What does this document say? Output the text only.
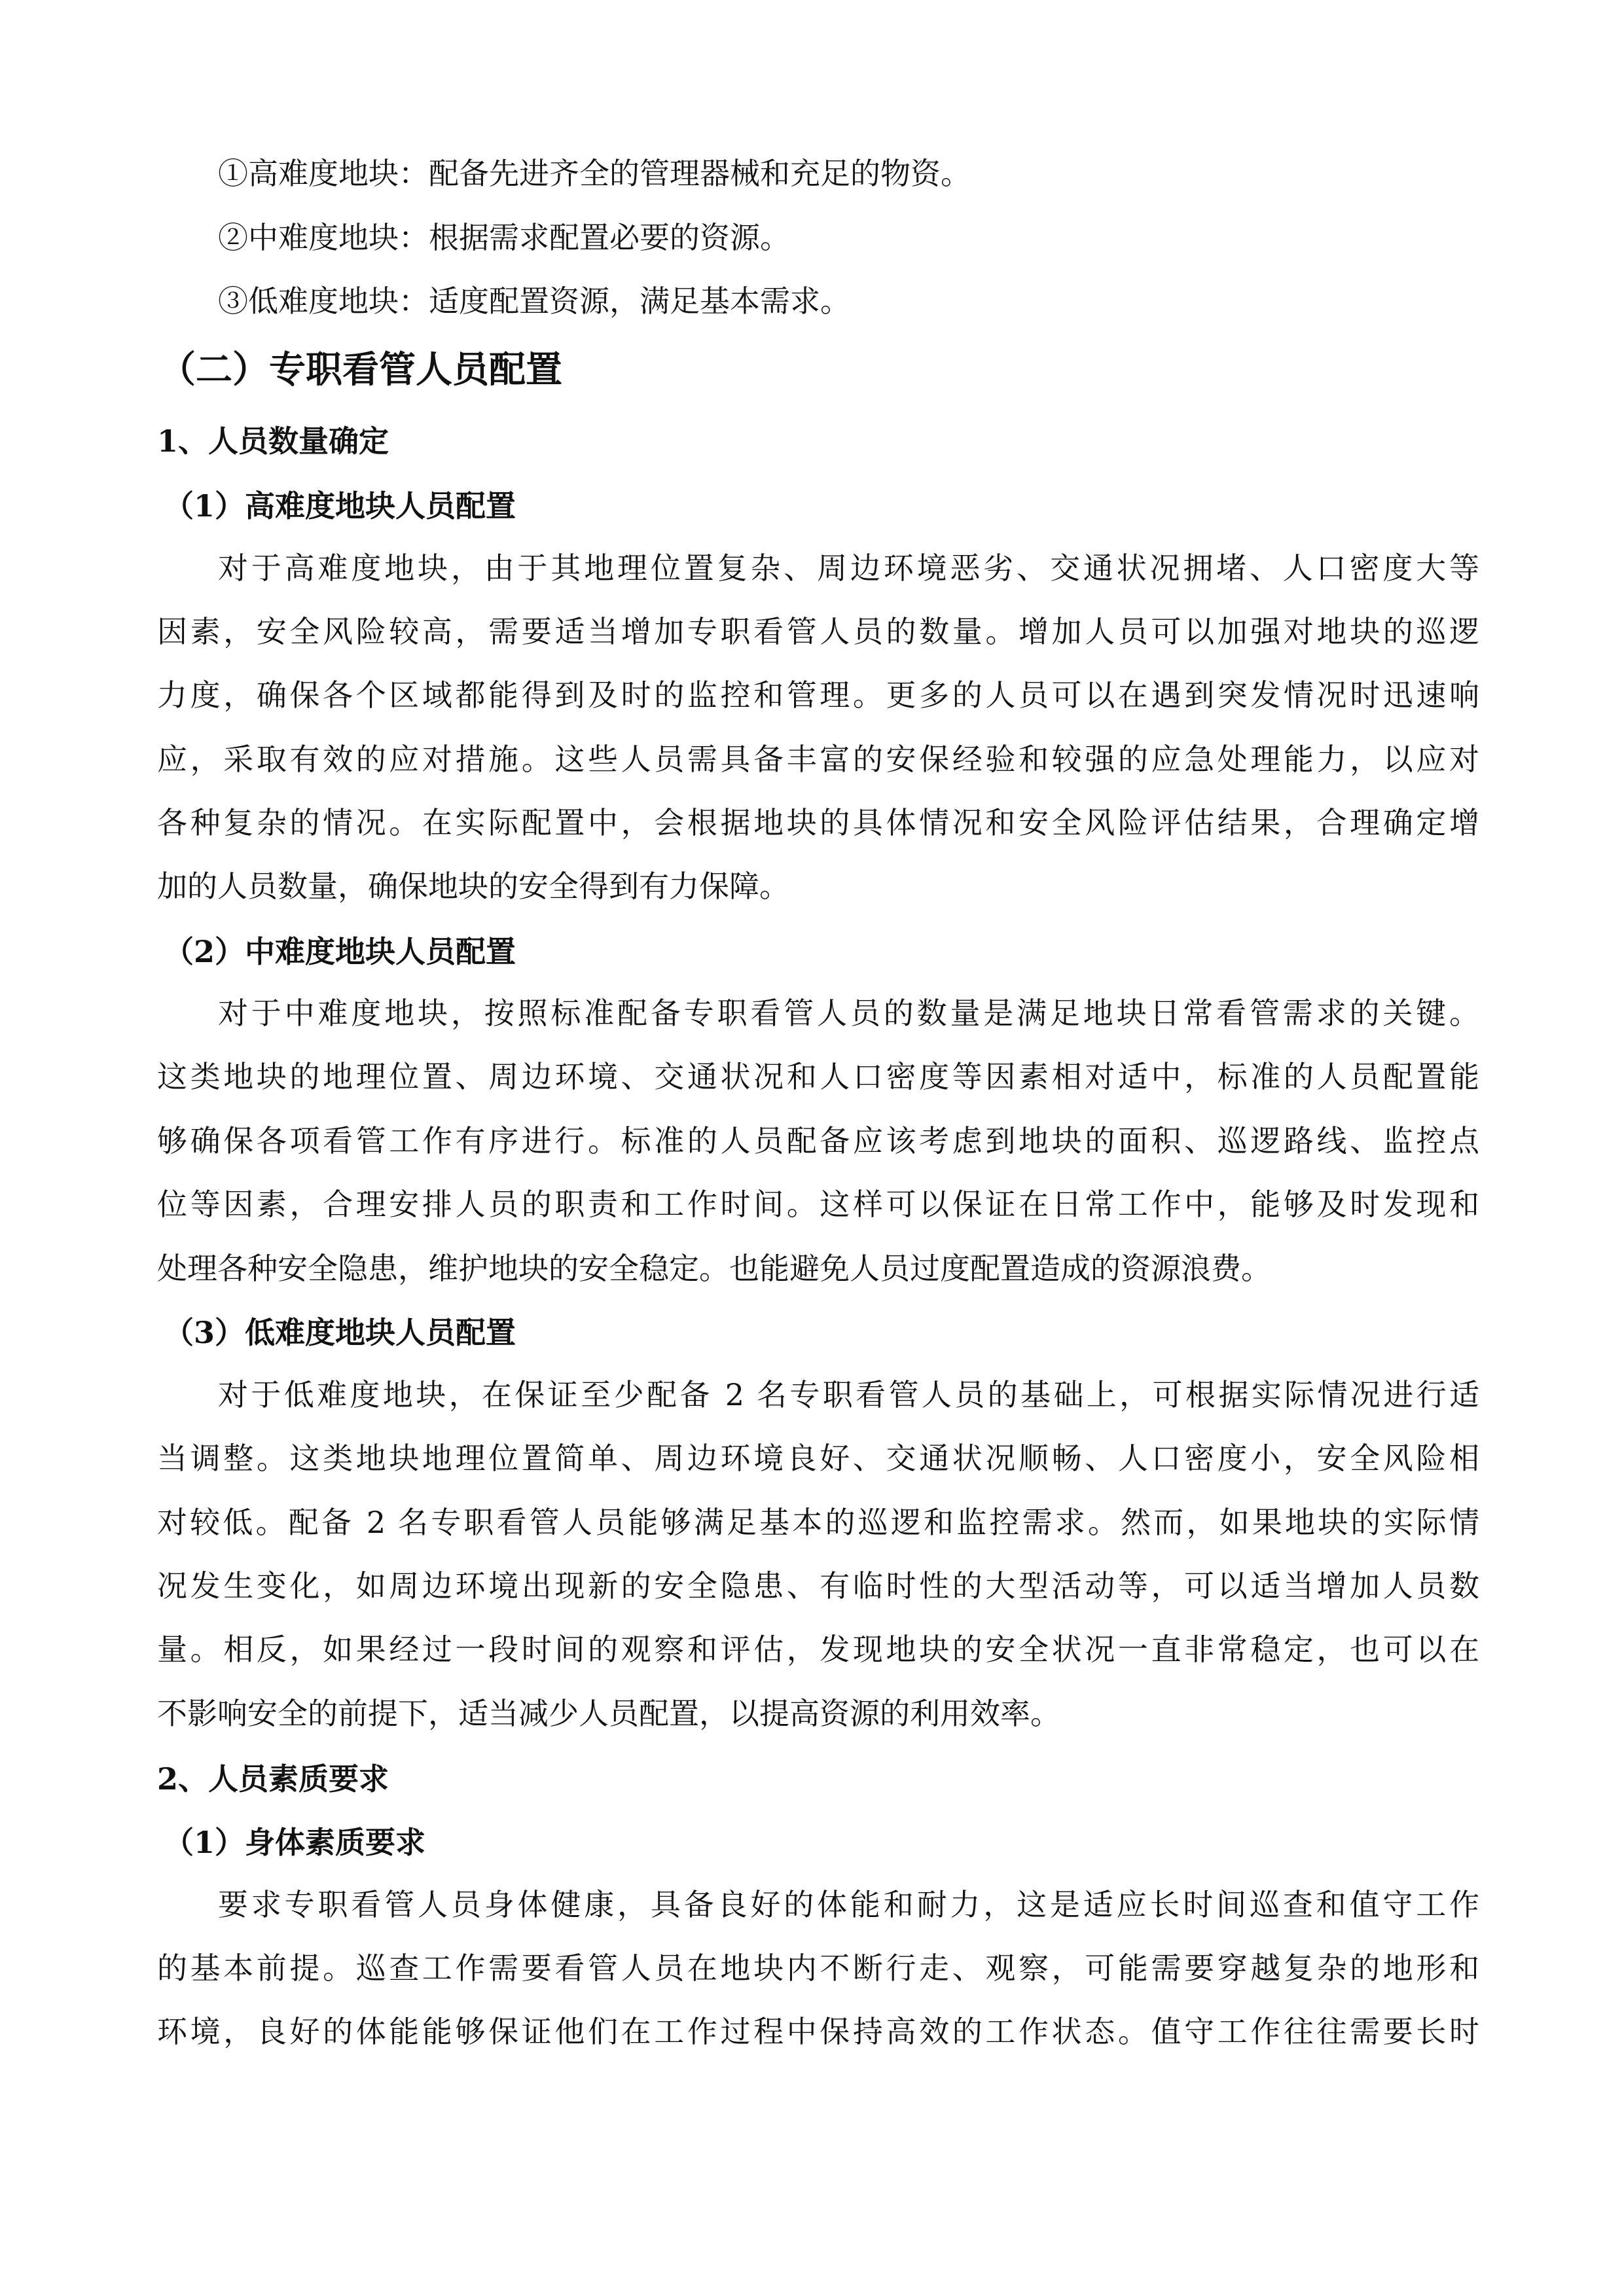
①高难度地块：配备先进齐全的管理器械和充足的物资。
②中难度地块：根据需求配置必要的资源。
③低难度地块：适度配置资源，满足基本需求。
（二）专职看管人员配置
1、人员数量确定
（1）高难度地块人员配置
对于高难度地块，由于其地理位置复杂、周边环境恶劣、交通状况拥堵、人口密度大等
因素，安全风险较高，需要适当增加专职看管人员的数量。增加人员可以加强对地块的巡逻
力度，确保各个区域都能得到及时的监控和管理。更多的人员可以在遇到突发情况时迅速响
应，采取有效的应对措施。这些人员需具备丰富的安保经验和较强的应急处理能力，以应对
各种复杂的情况。在实际配置中，会根据地块的具体情况和安全风险评估结果，合理确定增
加的人员数量，确保地块的安全得到有力保障。
（2）中难度地块人员配置
对于中难度地块，按照标准配备专职看管人员的数量是满足地块日常看管需求的关键。
这类地块的地理位置、周边环境、交通状况和人口密度等因素相对适中，标准的人员配置能
够确保各项看管工作有序进行。标准的人员配备应该考虑到地块的面积、巡逻路线、监控点
位等因素，合理安排人员的职责和工作时间。这样可以保证在日常工作中，能够及时发现和
处理各种安全隐患，维护地块的安全稳定。也能避免人员过度配置造成的资源浪费。
（3）低难度地块人员配置
对于低难度地块，在保证至少配备 2 名专职看管人员的基础上，可根据实际情况进行适
当调整。这类地块地理位置简单、周边环境良好、交通状况顺畅、人口密度小，安全风险相
对较低。配备 2 名专职看管人员能够满足基本的巡逻和监控需求。然而，如果地块的实际情
况发生变化，如周边环境出现新的安全隐患、有临时性的大型活动等，可以适当增加人员数
量。相反，如果经过一段时间的观察和评估，发现地块的安全状况一直非常稳定，也可以在
不影响安全的前提下，适当减少人员配置，以提高资源的利用效率。
2、人员素质要求
（1）身体素质要求
要求专职看管人员身体健康，具备良好的体能和耐力，这是适应长时间巡查和值守工作
的基本前提。巡查工作需要看管人员在地块内不断行走、观察，可能需要穿越复杂的地形和
环境，良好的体能能够保证他们在工作过程中保持高效的工作状态。值守工作往往需要长时
